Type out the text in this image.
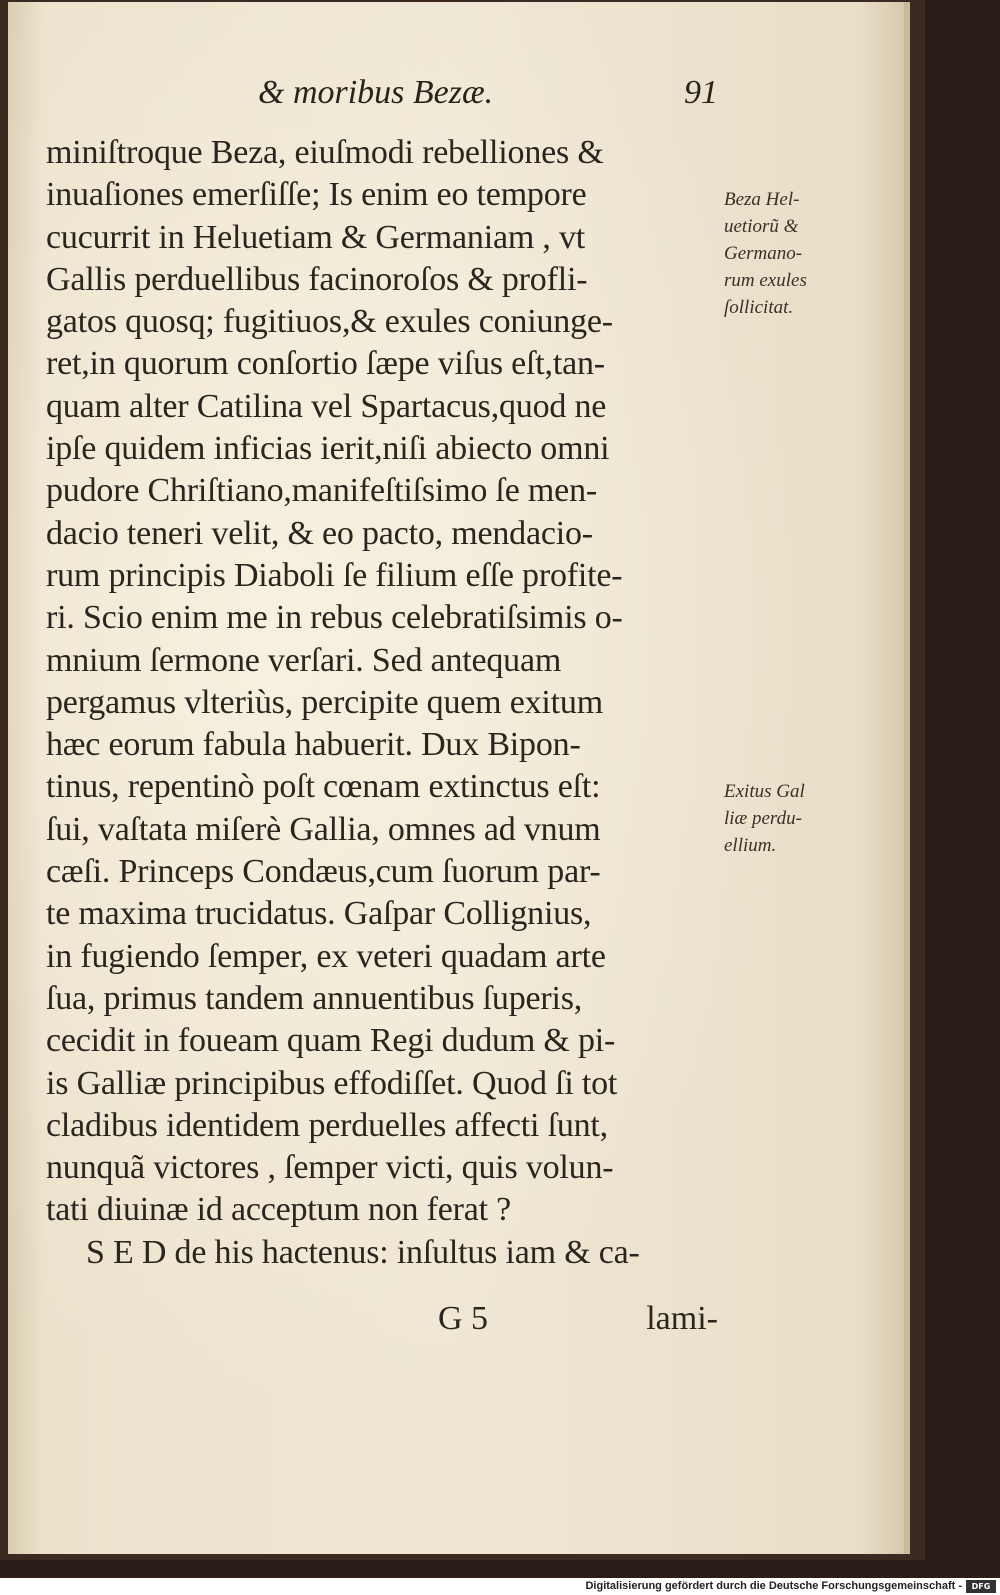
& moribus Bezæ.	91
miniſtroque Beza, eiuſmodi rebelliones &
inuaſiones emerſiſſe; Is enim eo tempore
cucurrit in Heluetiam & Germaniam , vt
Gallis perduellibus facinoroſos & profli-
gatos quosq; fugitiuos,& exules coniunge-
ret,in quorum conſortio ſæpe viſus eſt,tan-
quam alter Catilina vel Spartacus,quod ne
ipſe quidem inficias ierit,niſi abiecto omni
pudore Chriſtiano,manifeſtiſsimo ſe men-
dacio teneri velit, & eo pacto, mendacio-
rum principis Diaboli ſe filium eſſe profite-
ri. Scio enim me in rebus celebratiſsimis o-
mnium ſermone verſari. Sed antequam
pergamus vlteriùs, percipite quem exitum
hæc eorum fabula habuerit. Dux Bipon-
tinus, repentinò poſt cœnam extinctus eſt:
ſui, vaſtata miſerè Gallia, omnes ad vnum
cæſi. Princeps Condæus,cum ſuorum par-
te maxima trucidatus. Gaſpar Collignius,
in fugiendo ſemper, ex veteri quadam arte
ſua, primus tandem annuentibus ſuperis,
cecidit in foueam quam Regi dudum & pi-
is Galliæ principibus effodiſſet. Quod ſi tot
cladibus identidem perduelles affecti ſunt,
nunquã victores , ſemper victi, quis volun-
tati diuinæ id acceptum non ferat ?
S E D de his hactenus: inſultus iam & ca-
G 5	lami-
Beza Hel-
uetiorũ &
Germano-
rum exules
ſollicitat.
Exitus Gal
liæ perdu-
ellium.
Digitalisierung gefördert durch die Deutsche Forschungsgemeinschaft -	DFG
